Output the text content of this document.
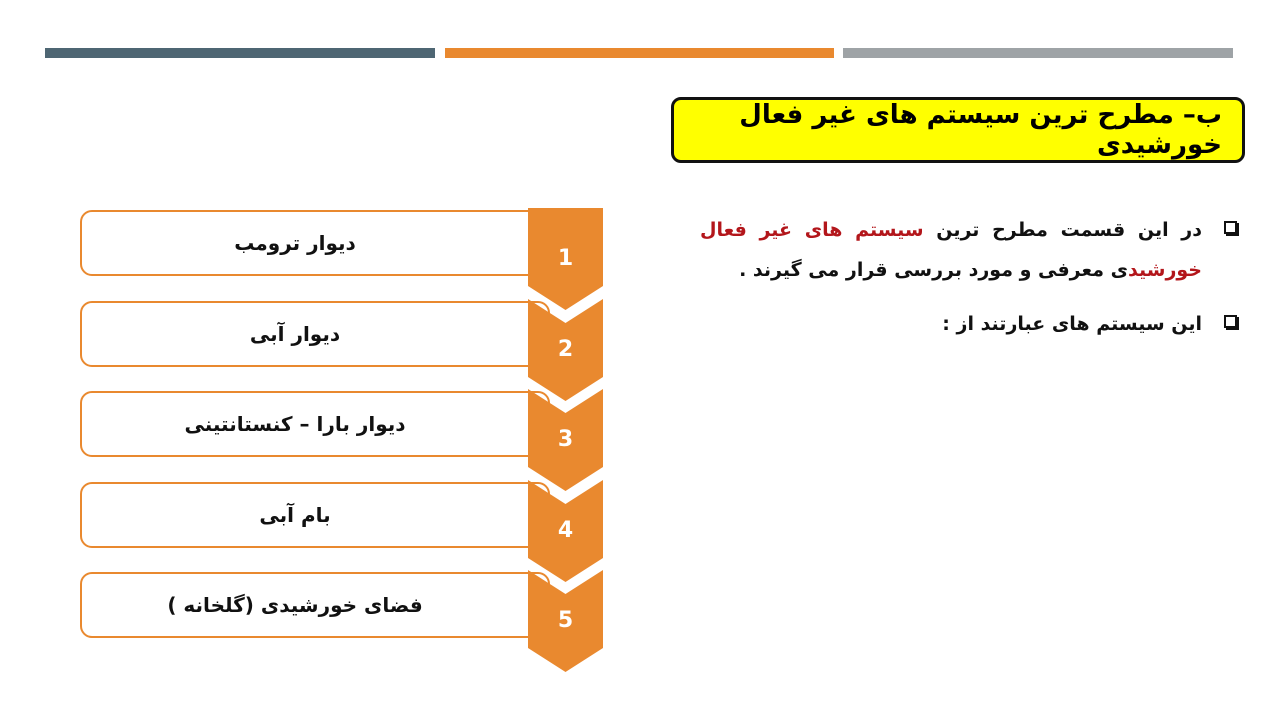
ب– مطرح ترین سیستم های غیر فعال خورشیدی
در این قسمت مطرح ترین سیستم های غیر فعال خورشیدی معرفی و مورد بررسی قرار می گیرند .
این سیستم های عبارتند از :
دیوار ترومب
1
دیوار آبی
2
دیوار بارا – کنستانتینی
3
بام آبی
4
فضای خورشیدی (گلخانه )
5
